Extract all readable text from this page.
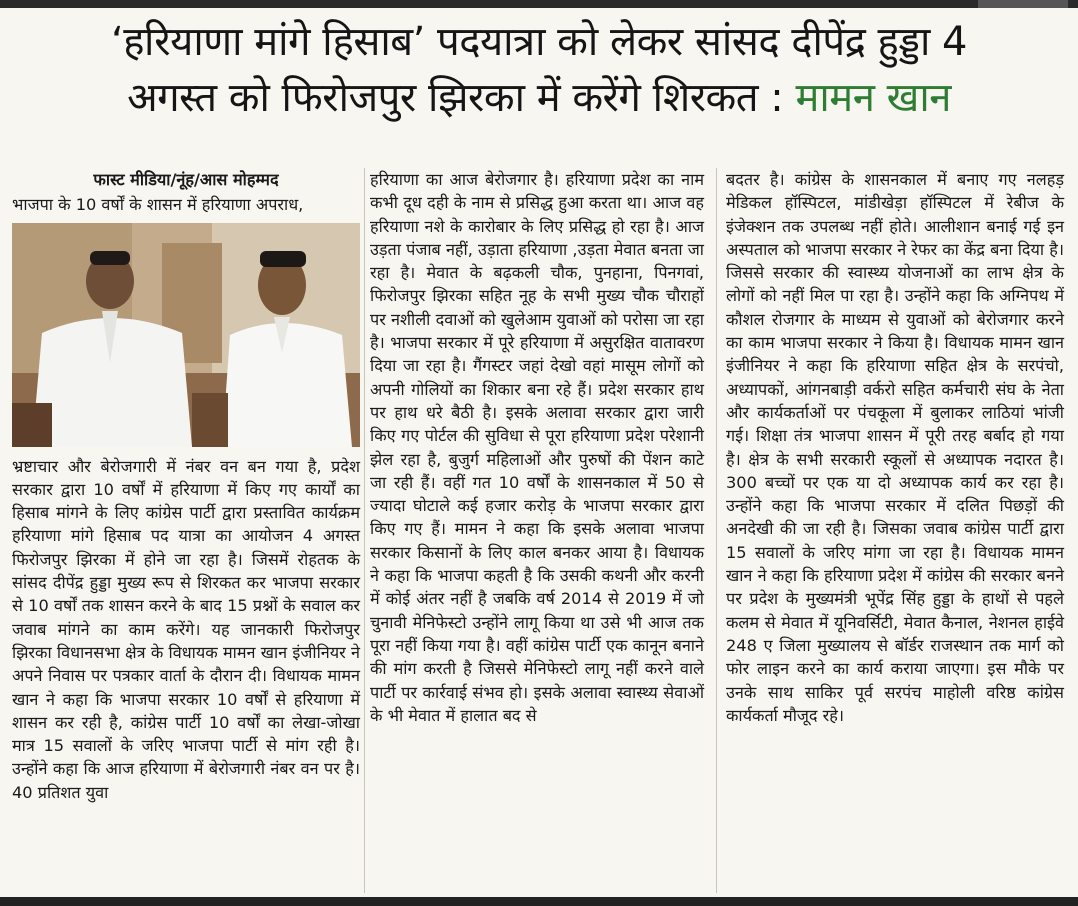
‘हरियाणा मांगे हिसाब’ पदयात्रा को लेकर सांसद दीपेंद्र हुड्डा 4
अगस्त को फिरोजपुर झिरका में करेंगे शिरकत : मामन खान
फास्ट मीडिया/नूंह/आस मोहम्मद

भाजपा के 10 वर्षों के शासन में हरियाणा अपराध,

भ्रष्टाचार और बेरोजगारी में नंबर वन बन गया है, प्रदेश सरकार द्वारा 10 वर्षों में हरियाणा में किए गए कार्यों का हिसाब मांगने के लिए कांग्रेस पार्टी द्वारा प्रस्तावित कार्यक्रम हरियाणा मांगे हिसाब पद यात्रा का आयोजन 4 अगस्त फिरोजपुर झिरका में होने जा रहा है। जिसमें रोहतक के सांसद दीपेंद्र हुड्डा मुख्य रूप से शिरकत कर भाजपा सरकार से 10 वर्षों तक शासन करने के बाद 15 प्रश्नों के सवाल कर जवाब मांगने का काम करेंगे। यह जानकारी फिरोजपुर झिरका विधानसभा क्षेत्र के विधायक मामन खान इंजीनियर ने अपने निवास पर पत्रकार वार्ता के दौरान दी। विधायक मामन खान ने कहा कि भाजपा सरकार 10 वर्षों से हरियाणा में शासन कर रही है, कांग्रेस पार्टी 10 वर्षों का लेखा-जोखा मात्र 15 सवालों के जरिए भाजपा पार्टी से मांग रही है। उन्होंने कहा कि आज हरियाणा में बेरोजगारी नंबर वन पर है। 40 प्रतिशत युवा

हरियाणा का आज बेरोजगार है। हरियाणा प्रदेश का नाम कभी दूध दही के नाम से प्रसिद्ध हुआ करता था। आज वह हरियाणा नशे के कारोबार के लिए प्रसिद्ध हो रहा है। आज उड़ता पंजाब नहीं, उड़ाता हरियाणा ,उड़ता मेवात बनता जा रहा है। मेवात के बढ़कली चौक, पुनहाना, पिनगवां, फिरोजपुर झिरका सहित नूह के सभी मुख्य चौक चौराहों पर नशीली दवाओं को खुलेआम युवाओं को परोसा जा रहा है। भाजपा सरकार में पूरे हरियाणा में असुरक्षित वातावरण दिया जा रहा है। गैंगस्टर जहां देखो वहां मासूम लोगों को अपनी गोलियों का शिकार बना रहे हैं। प्रदेश सरकार हाथ पर हाथ धरे बैठी है। इसके अलावा सरकार द्वारा जारी किए गए पोर्टल की सुविधा से पूरा हरियाणा प्रदेश परेशानी झेल रहा है, बुजुर्ग महिलाओं और पुरुषों की पेंशन काटे जा रही हैं। वहीं गत 10 वर्षों के शासनकाल में 50 से ज्यादा घोटाले कई हजार करोड़ के भाजपा सरकार द्वारा किए गए हैं। मामन ने कहा कि इसके अलावा भाजपा सरकार किसानों के लिए काल बनकर आया है। विधायक ने कहा कि भाजपा कहती है कि उसकी कथनी और करनी में कोई अंतर नहीं है जबकि वर्ष 2014 से 2019 में जो चुनावी मेनिफेस्टो उन्होंने लागू किया था उसे भी आज तक पूरा नहीं किया गया है। वहीं कांग्रेस पार्टी एक कानून बनाने की मांग करती है जिससे मेनिफेस्टो लागू नहीं करने वाले पार्टी पर कार्रवाई संभव हो। इसके अलावा स्वास्थ्य सेवाओं के भी मेवात में हालात बद से

बदतर है। कांग्रेस के शासनकाल में बनाए गए नलहड़ मेडिकल हॉस्पिटल, मांडीखेड़ा हॉस्पिटल में रेबीज के इंजेक्शन तक उपलब्ध नहीं होते। आलीशान बनाई गई इन अस्पताल को भाजपा सरकार ने रेफर का केंद्र बना दिया है। जिससे सरकार की स्वास्थ्य योजनाओं का लाभ क्षेत्र के लोगों को नहीं मिल पा रहा है। उन्होंने कहा कि अग्निपथ में कौशल रोजगार के माध्यम से युवाओं को बेरोजगार करने का काम भाजपा सरकार ने किया है। विधायक मामन खान इंजीनियर ने कहा कि हरियाणा सहित क्षेत्र के सरपंचो, अध्यापकों, आंगनबाड़ी वर्करो सहित कर्मचारी संघ के नेता और कार्यकर्ताओं पर पंचकूला में बुलाकर लाठियां भांजी गई। शिक्षा तंत्र भाजपा शासन में पूरी तरह बर्बाद हो गया है। क्षेत्र के सभी सरकारी स्कूलों से अध्यापक नदारत है। 300 बच्चों पर एक या दो अध्यापक कार्य कर रहा है। उन्होंने कहा कि भाजपा सरकार में दलित पिछड़ों की अनदेखी की जा रही है। जिसका जवाब कांग्रेस पार्टी द्वारा 15 सवालों के जरिए मांगा जा रहा है। विधायक मामन खान ने कहा कि हरियाणा प्रदेश में कांग्रेस की सरकार बनने पर प्रदेश के मुख्यमंत्री भूपेंद्र सिंह हुड्डा के हाथों से पहले कलम से मेवात में यूनिवर्सिटी, मेवात कैनाल, नेशनल हाईवे 248 ए जिला मुख्यालय से बॉर्डर राजस्थान तक मार्ग को फोर लाइन करने का कार्य कराया जाएगा। इस मौके पर उनके साथ साकिर पूर्व सरपंच माहोली वरिष्ठ कांग्रेस कार्यकर्ता मौजूद रहे।
